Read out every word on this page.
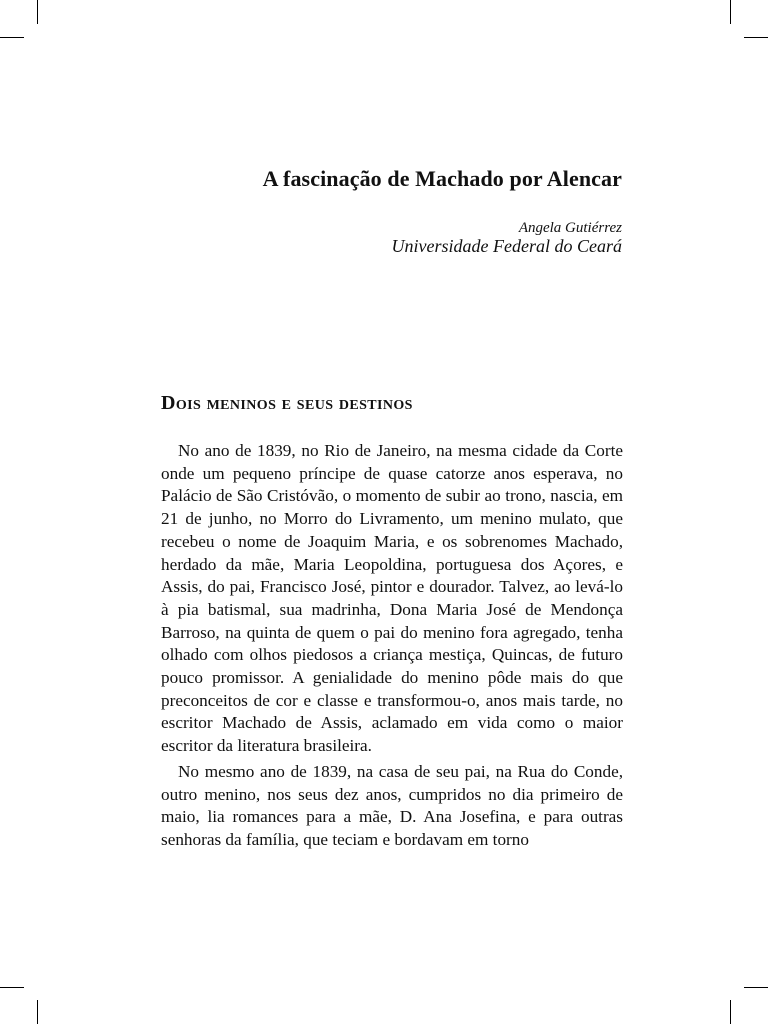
A fascinação de Machado por Alencar

Angela Gutiérrez

Universidade Federal do Ceará

Dois meninos e seus destinos

No ano de 1839, no Rio de Janeiro, na mesma cidade da Corte onde um pequeno príncipe de quase catorze anos esperava, no Palácio de São Cristóvão, o momento de subir ao trono, nascia, em 21 de junho, no Morro do Livramento, um menino mulato, que recebeu o nome de Joaquim Maria, e os sobrenomes Machado, herdado da mãe, Maria Leopoldina, portuguesa dos Açores, e Assis, do pai, Francisco José, pintor e dourador. Talvez, ao levá-lo à pia batismal, sua madrinha, Dona Maria José de Mendonça Barroso, na quinta de quem o pai do menino fora agregado, tenha olhado com olhos piedosos a criança mestiça, Quincas, de futuro pouco promissor. A genialidade do menino pôde mais do que preconceitos de cor e classe e transformou-o, anos mais tarde, no escritor Machado de Assis, aclamado em vida como o maior escritor da literatura brasileira.

No mesmo ano de 1839, na casa de seu pai, na Rua do Conde, outro menino, nos seus dez anos, cumpridos no dia primeiro de maio, lia romances para a mãe, D. Ana Josefina, e para outras senhoras da família, que teciam e bordavam em torno
